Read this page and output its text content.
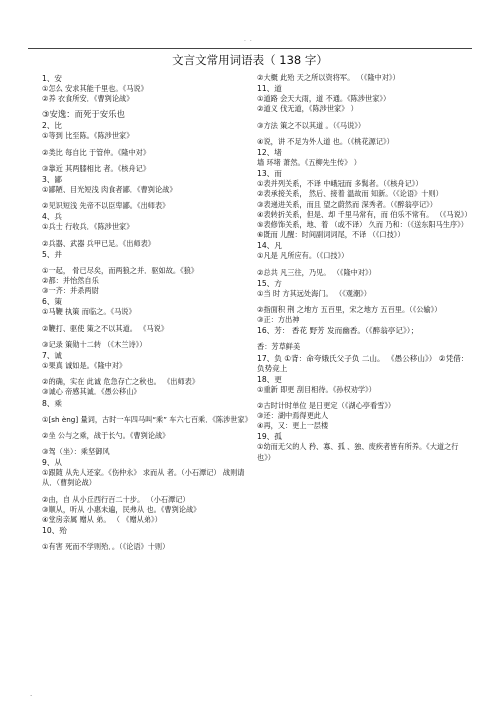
· ·
文言文常用词语表（ 138 字）
1、安
①怎么 安求其能千里也。《马说》
②养 衣食所安．《曹刿论战》
③安逸：而死于安乐也
2、比
①等到 比至陈。《陈涉世家》
②类比 每自比 于管仲。《隆中对》
③靠近 其两膝相比 者。《核舟记》
3、鄙
①鄙陋、目光短浅 肉食者鄙．《曹刿论战》
②见识短浅 先帝不以臣卑鄙。《出师表》
4、兵
①兵士 行收兵．《陈涉世家》
②兵器、武器 兵甲已足。《出师表》
5、并
①一起， 骨已尽矣，而两狼之并．驱如故。《狼》
②都：并怡然自乐
③一齐：并杀两尉
6、策
①马鞭 执策 而临之。《马说》
②鞭打、驱使 策之不以其道。 《马说》
③记录 策勋十二转 （《木兰诗》）
7、诚
①果真 诚如是。《隆中对》
②的确，实在 此诚 危急存亡之秋也。 《出师表》
③诚心 帝感其诚．《愚公移山》
8、乘
①[sh èng] 量词，古时一车四马叫“乘” 车六七百乘．《陈涉世家》
②坐 公与之乘，战于长勺。《曹刿论战》
③驾（坐）：乘坚御风
9、从
①跟随 从先人还家。《伤仲永》 求而从 者。（小石潭记） 战则请从．（曹刿论战）
②由，自 从小丘西行百二十步。 （小石潭记）
③顺从，听从 小惠未遍，民弗从 也。《曹刿论战》
④堂房亲属 赠从 弟。 （ 《赠从弟》）
10、殆
①有害 死而不学则殆．。（《论语》十则）
②大概 此殆 天之所以资将军。 （《隆中对》）
11、道
①道路 会天大雨，道 不通。《陈涉世家》）
②道义 伐无道，《陈涉世家》 ）
③方法 策之不以其道 。（《马说》）
④说，讲 不足为外人道 也。（《桃花源记》）
12、堵
墙 环堵 萧然。《五柳先生传》 ）
13、而
①表并列关系，不译 中峨冠而 多髯者。（《核舟记》）
②表承接关系， 然后、接着 温故而 知新。（《论语》十则）
③表递进关系，而且 望之蔚然而 深秀者。（《醉翁亭记》）
④表转折关系，但是、却 千里马常有，而 伯乐不常有。 （《马说》）
⑤表修饰关系，地、着 （或不译） 久而 乃和：（《送东阳马生序》）
⑥既而 儿醒：时间副词词尾，不译 （《口技》）
14、凡
①凡是 凡所应有。（《口技》）
②总共 凡三往，乃见。 （《隆中对》）
15、方
①当 时 方其远处海门。 （《观潮》）
②指面积 荆 之地方 五百里，宋之地方 五百里。（《公输》）
③正：方出神
16、芳： 香花 野芳 发而幽香。（《醉翁亭记》）；
香：芳草鲜美
17、负 ①背：命夸娥氏父子负 二山。 《愚公移山》） ②凭借：负势竞上
18、更
①重新 即更 刮目相待。《孙权劝学》）
②古时计时单位 是日更定（《湖心亭看雪》）
③还：湖中焉得更此人
④再，又：更上一层楼
19、孤
①幼而无父的人 矜、寡、孤 、独、废疾者皆有所养。《大道之行也》）
·
